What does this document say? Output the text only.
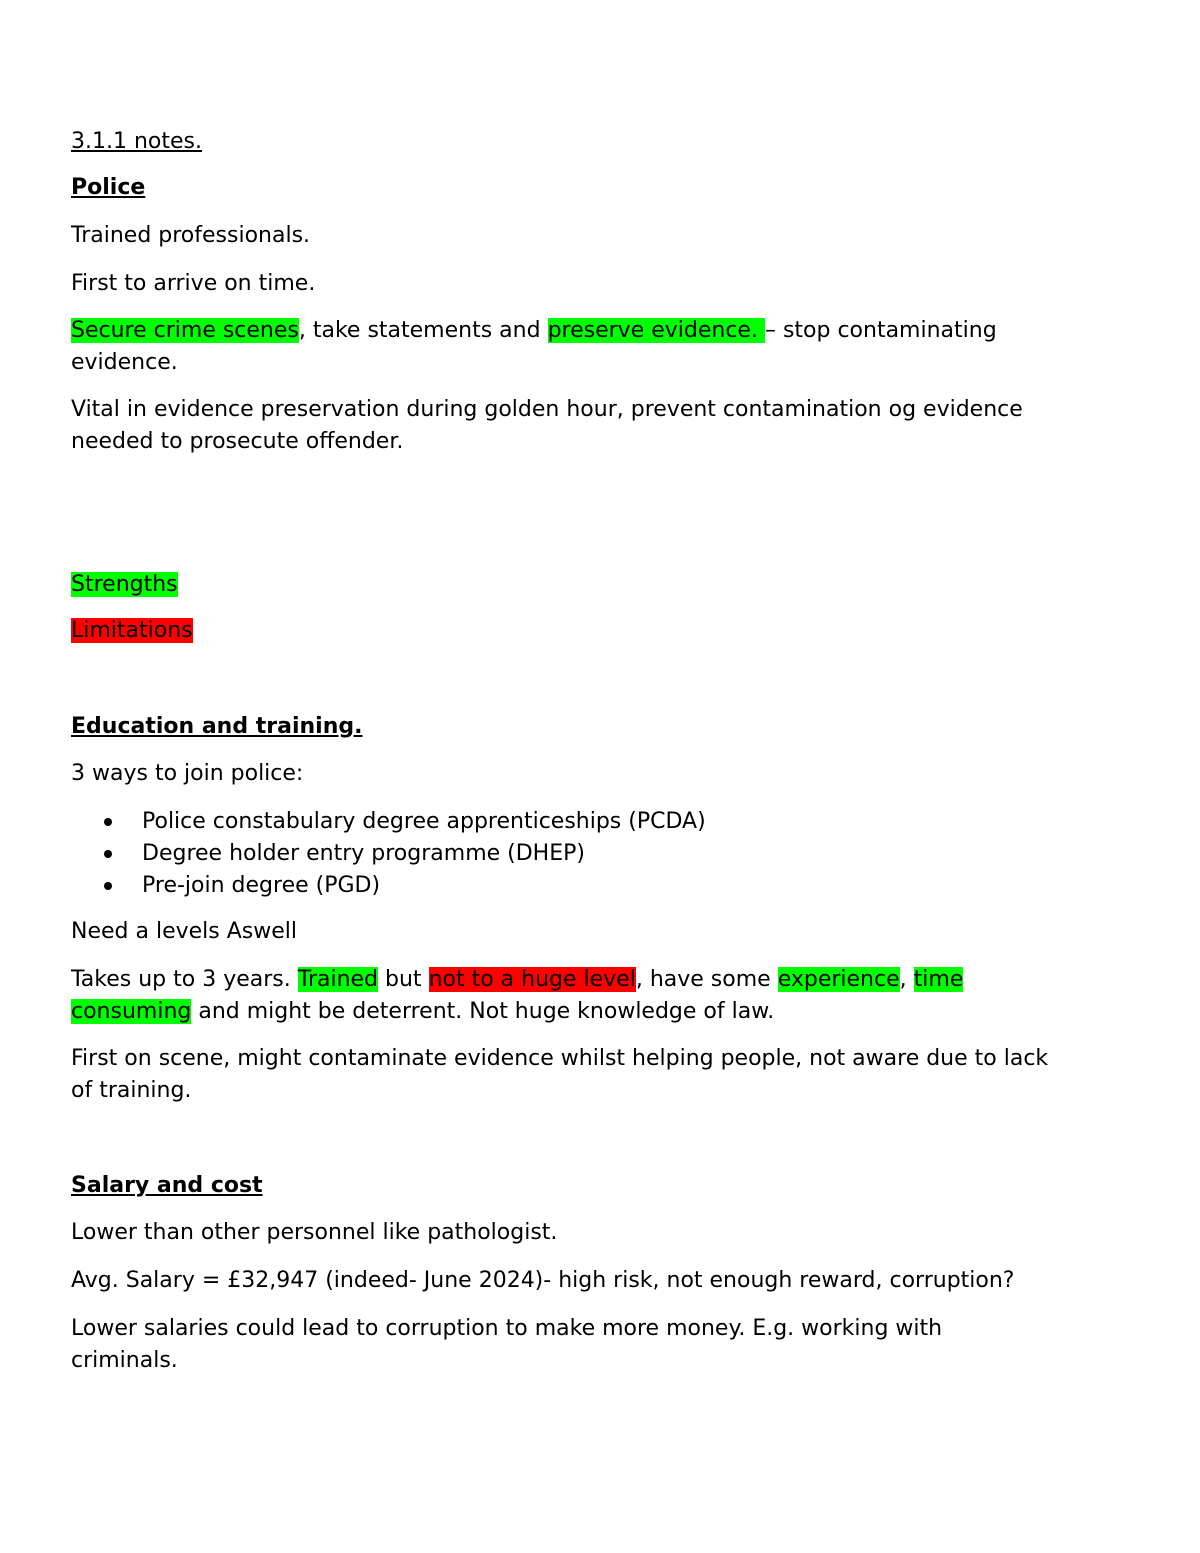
3.1.1 notes.
Police
Trained professionals.
First to arrive on time.
Secure crime scenes, take statements and preserve evidence. – stop contaminating
evidence.
Vital in evidence preservation during golden hour, prevent contamination og evidence
needed to prosecute offender.
Strengths
Limitations
Education and training.
3 ways to join police:
Police constabulary degree apprenticeships (PCDA)
Degree holder entry programme (DHEP)
Pre-join degree (PGD)
Need a levels Aswell
Takes up to 3 years. Trained but not to a huge level, have some experience, time
consuming and might be deterrent. Not huge knowledge of law.
First on scene, might contaminate evidence whilst helping people, not aware due to lack
of training.
Salary and cost
Lower than other personnel like pathologist.
Avg. Salary = £32,947 (indeed- June 2024)- high risk, not enough reward, corruption?
Lower salaries could lead to corruption to make more money. E.g. working with
criminals.
